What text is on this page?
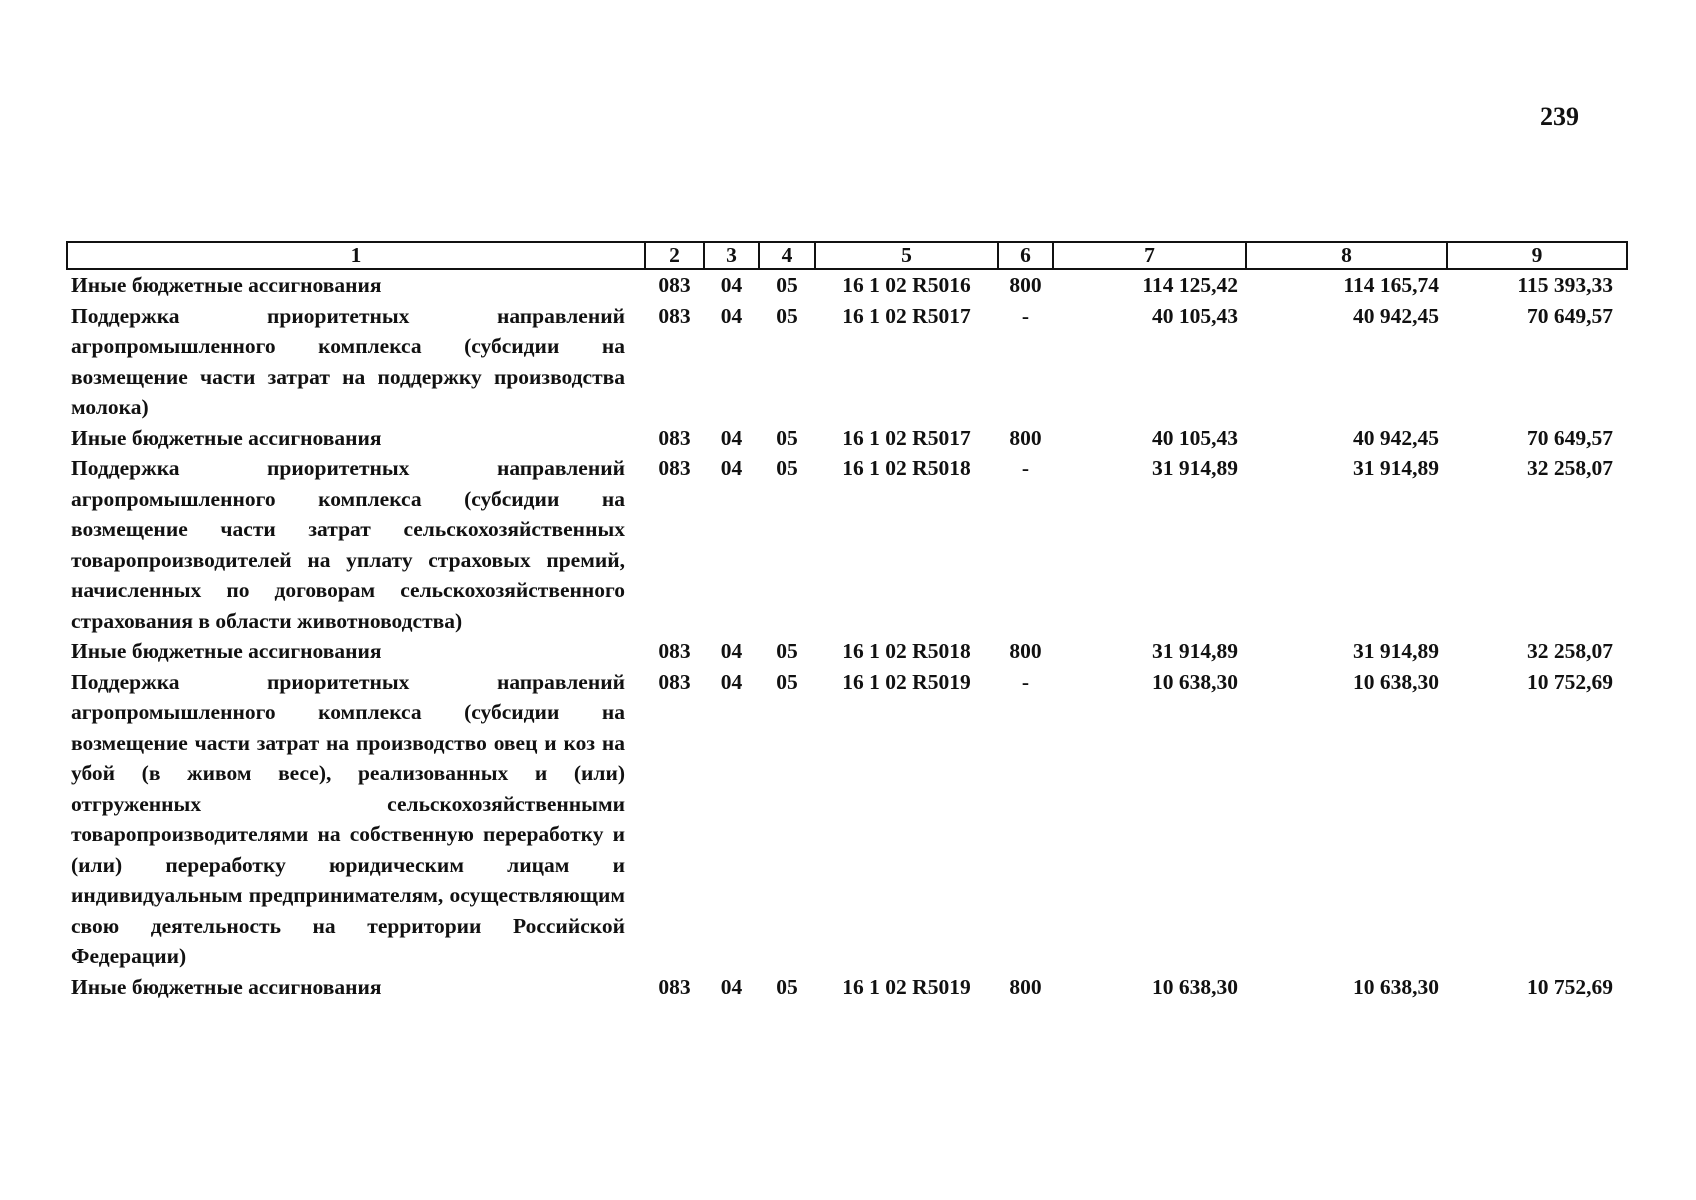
239
1	2	3	4	5	6	7	8	9
Иные бюджетные ассигнования	083	04	05	16 1 02 R5016	800	114 125,42	114 165,74	115 393,33
Поддержка приоритетных направлений агропромышленного комплекса (субсидии на возмещение части затрат на поддержку производства молока)	083	04	05	16 1 02 R5017	-	40 105,43	40 942,45	70 649,57
Иные бюджетные ассигнования	083	04	05	16 1 02 R5017	800	40 105,43	40 942,45	70 649,57
Поддержка приоритетных направлений агропромышленного комплекса (субсидии на возмещение части затрат сельскохозяйственных товаропроизводителей на уплату страховых премий, начисленных по договорам сельскохозяйственного страхования в области животноводства)	083	04	05	16 1 02 R5018	-	31 914,89	31 914,89	32 258,07
Иные бюджетные ассигнования	083	04	05	16 1 02 R5018	800	31 914,89	31 914,89	32 258,07
Поддержка приоритетных направлений агропромышленного комплекса (субсидии на возмещение части затрат на производство овец и коз на убой (в живом весе), реализованных и (или) отгруженных сельскохозяйственными товаропроизводителями на собственную переработку и (или) переработку юридическим лицам и индивидуальным предпринимателям, осуществляющим свою деятельность на территории Российской Федерации)	083	04	05	16 1 02 R5019	-	10 638,30	10 638,30	10 752,69
Иные бюджетные ассигнования	083	04	05	16 1 02 R5019	800	10 638,30	10 638,30	10 752,69
